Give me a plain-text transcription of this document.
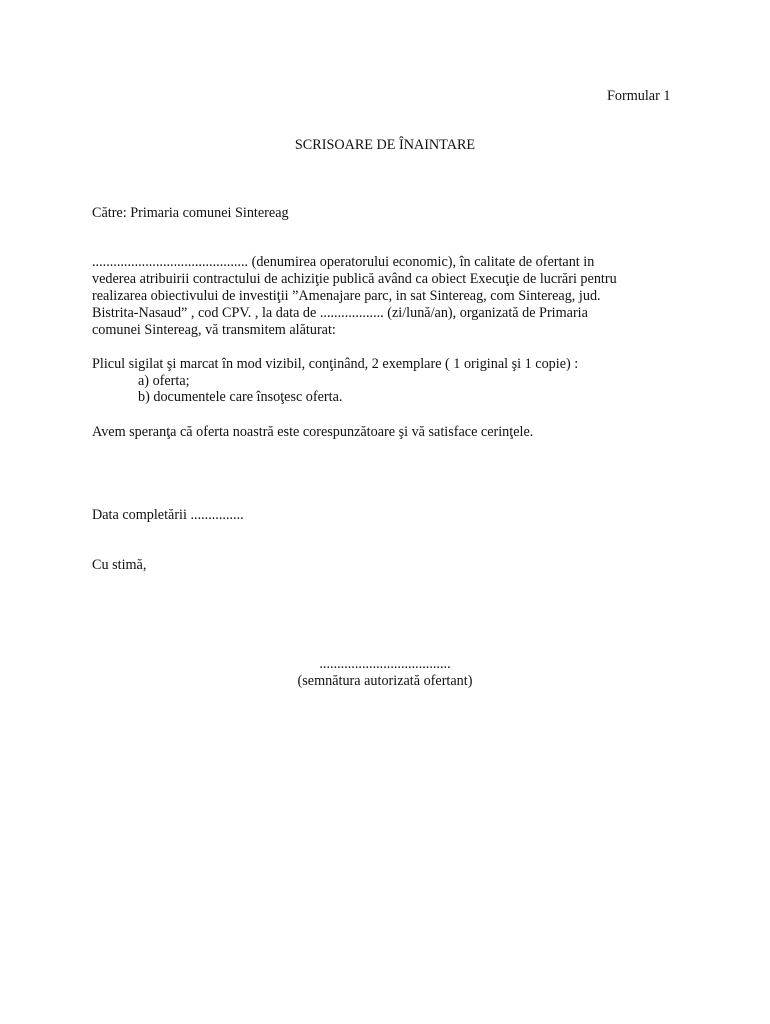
Formular 1
SCRISOARE DE ÎNAINTARE
Către: Primaria comunei Sintereag
............................................ (denumirea operatorului economic), în calitate de ofertant in
vederea atribuirii contractului de achiziţie publică având ca obiect Execuţie de lucrări pentru
realizarea obiectivului de investiţii ”Amenajare parc, in sat Sintereag, com Sintereag, jud.
Bistrita-Nasaud” , cod CPV. , la data de .................. (zi/lună/an), organizată de Primaria
comunei Sintereag, vă transmitem alăturat:
Plicul sigilat şi marcat în mod vizibil, conţinând, 2 exemplare ( 1 original şi 1 copie) :
a) oferta;
b) documentele care însoţesc oferta.
Avem speranţa că oferta noastră este corespunzătoare şi vă satisface cerinţele.
Data completării ...............
Cu stimă,
.....................................
(semnătura autorizată ofertant)
